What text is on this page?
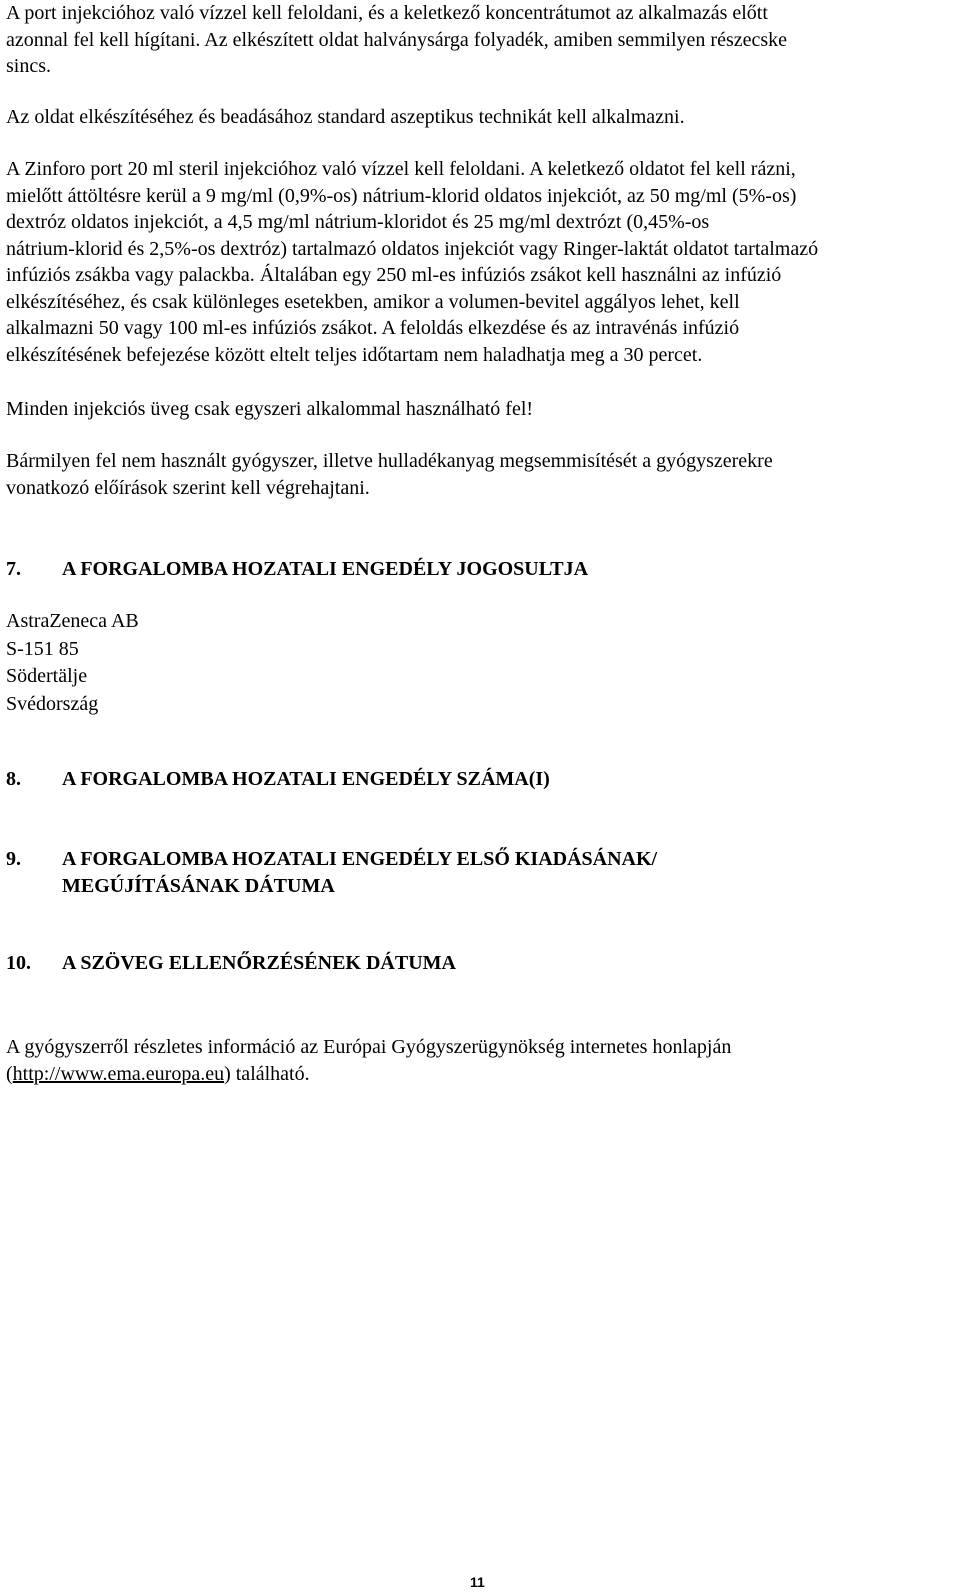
A port injekcióhoz való vízzel kell feloldani, és a keletkező koncentrátumot az alkalmazás előtt
azonnal fel kell hígítani. Az elkészített oldat halványsárga folyadék, amiben semmilyen részecske
sincs.

Az oldat elkészítéséhez és beadásához standard aszeptikus technikát kell alkalmazni.

A Zinforo port 20 ml steril injekcióhoz való vízzel kell feloldani. A keletkező oldatot fel kell rázni,
mielőtt áttöltésre kerül a 9 mg/ml (0,9%-os) nátrium-klorid oldatos injekciót, az 50 mg/ml (5%-os)
dextróz oldatos injekciót, a 4,5 mg/ml nátrium-kloridot és 25 mg/ml dextrózt (0,45%-os
nátrium-klorid és 2,5%-os dextróz) tartalmazó oldatos injekciót vagy Ringer-laktát oldatot tartalmazó
infúziós zsákba vagy palackba. Általában egy 250 ml-es infúziós zsákot kell használni az infúzió
elkészítéséhez, és csak különleges esetekben, amikor a volumen-bevitel aggályos lehet, kell
alkalmazni 50 vagy 100 ml-es infúziós zsákot. A feloldás elkezdése és az intravénás infúzió
elkészítésének befejezése között eltelt teljes időtartam nem haladhatja meg a 30 percet.

Minden injekciós üveg csak egyszeri alkalommal használható fel!

Bármilyen fel nem használt gyógyszer, illetve hulladékanyag megsemmisítését a gyógyszerekre
vonatkozó előírások szerint kell végrehajtani.

7.	A FORGALOMBA HOZATALI ENGEDÉLY JOGOSULTJA

AstraZeneca AB
S-151 85
Södertälje
Svédország

8.	A FORGALOMBA HOZATALI ENGEDÉLY SZÁMA(I)
9.	A FORGALOMBA HOZATALI ENGEDÉLY ELSŐ KIADÁSÁNAK/
MEGÚJÍTÁSÁNAK DÁTUMA
10.	A SZÖVEG ELLENŐRZÉSÉNEK DÁTUMA

A gyógyszerről részletes információ az Európai Gyógyszerügynökség internetes honlapján
(http://www.ema.europa.eu) található.

11
